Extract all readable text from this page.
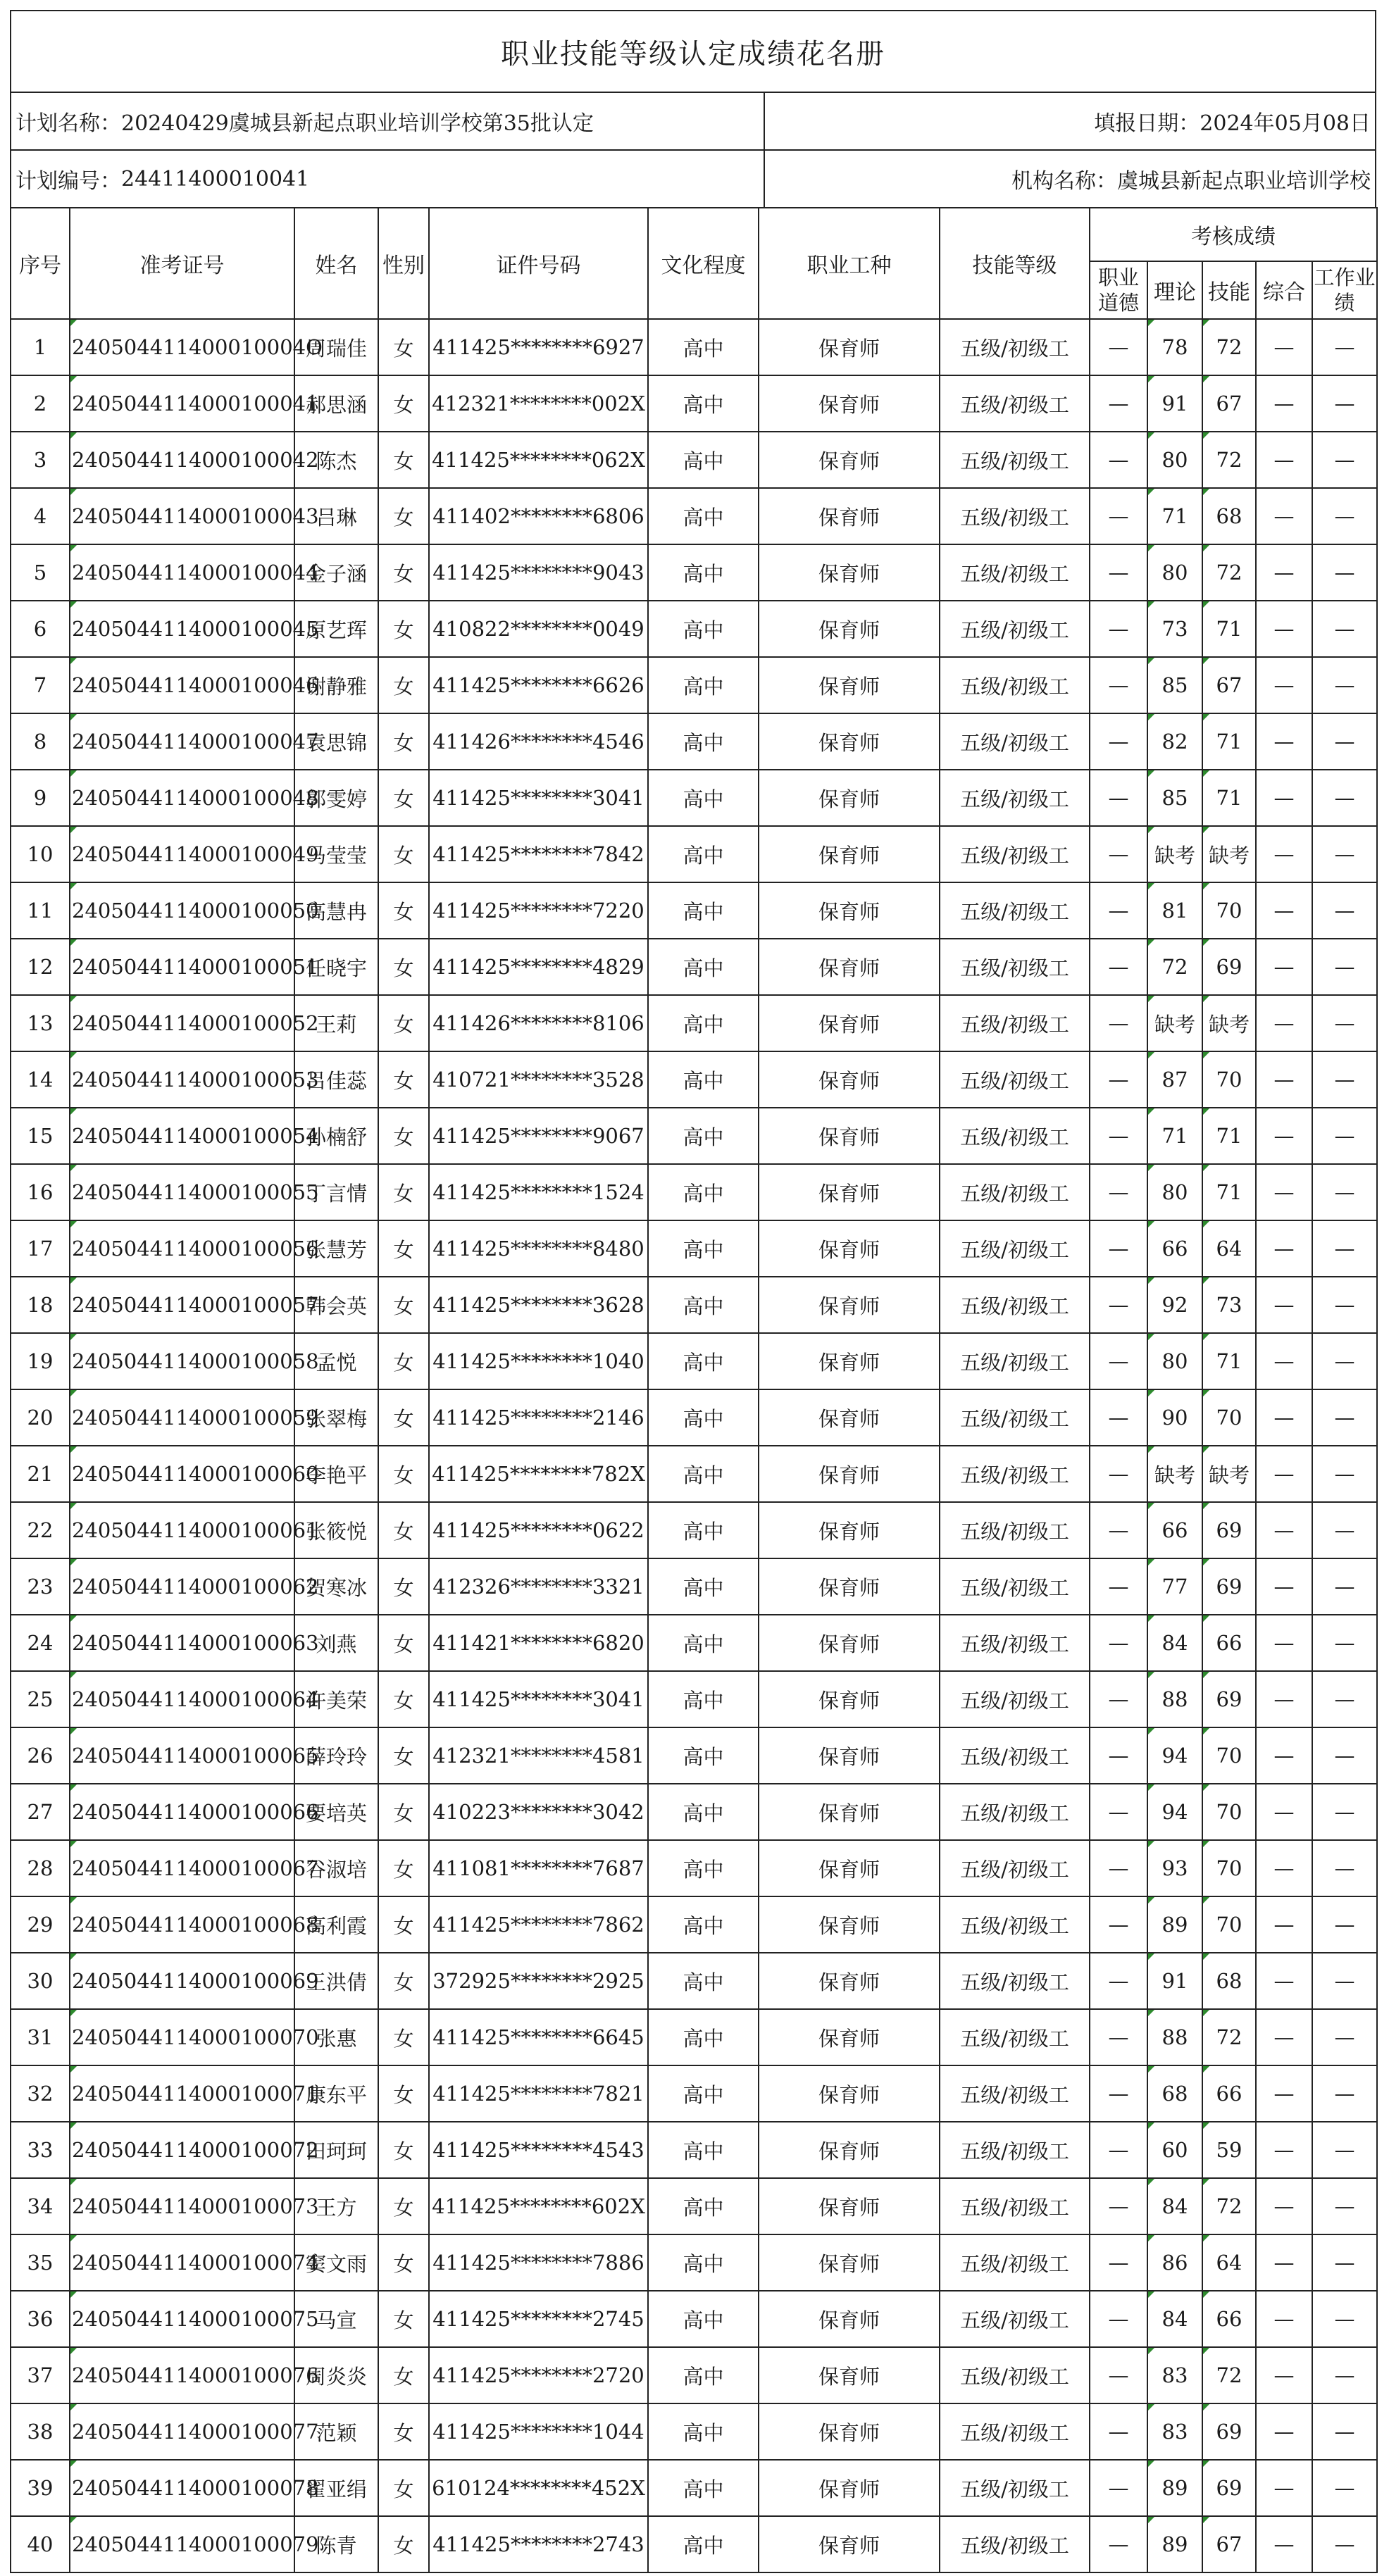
职业技能等级认定成绩花名册
计划名称： 20240429虞城县新起点职业培训学校第35批认定	填报日期： 2024年05月08日
计划编号： 24411400010041	机构名称： 虞城县新起点职业培训学校
序号	准考证号	姓名	性别	证件号码	文化程度	职业工种	技能等级	考核成绩				
								职业道德	理论	技能	综合	工作业绩
1	240504411400010004O	周瑞佳	女	411425********6927	高中	保育师	五级/初级工	—	78	72	—	—
2	2405044114000100041	郝思涵	女	412321********002X	高中	保育师	五级/初级工	—	91	67	—	—
3	2405044114000100042	陈杰	女	411425********062X	高中	保育师	五级/初级工	—	80	72	—	—
4	2405044114000100043	吕琳	女	411402********6806	高中	保育师	五级/初级工	—	71	68	—	—
5	2405044114000100044	金子涵	女	411425********9043	高中	保育师	五级/初级工	—	80	72	—	—
6	2405044114000100045	原艺珲	女	410822********0049	高中	保育师	五级/初级工	—	73	71	—	—
7	2405044114000100046	谢静雅	女	411425********6626	高中	保育师	五级/初级工	—	85	67	—	—
8	2405044114000100047	袁思锦	女	411426********4546	高中	保育师	五级/初级工	—	82	71	—	—
9	2405044114000100048	郭雯婷	女	411425********3041	高中	保育师	五级/初级工	—	85	71	—	—
10	2405044114000100049	马莹莹	女	411425********7842	高中	保育师	五级/初级工	—	缺考	缺考	—	—
11	2405044114000100050	高慧冉	女	411425********7220	高中	保育师	五级/初级工	—	81	70	—	—
12	2405044114000100051	任晓宇	女	411425********4829	高中	保育师	五级/初级工	—	72	69	—	—
13	2405044114000100052	王莉	女	411426********8106	高中	保育师	五级/初级工	—	缺考	缺考	—	—
14	2405044114000100053	吕佳蕊	女	410721********3528	高中	保育师	五级/初级工	—	87	70	—	—
15	2405044114000100054	孙楠舒	女	411425********9067	高中	保育师	五级/初级工	—	71	71	—	—
16	2405044114000100055	丁言情	女	411425********1524	高中	保育师	五级/初级工	—	80	71	—	—
17	2405044114000100056	张慧芳	女	411425********8480	高中	保育师	五级/初级工	—	66	64	—	—
18	2405044114000100057	韩会英	女	411425********3628	高中	保育师	五级/初级工	—	92	73	—	—
19	2405044114000100058	孟悦	女	411425********1040	高中	保育师	五级/初级工	—	80	71	—	—
20	2405044114000100059	张翠梅	女	411425********2146	高中	保育师	五级/初级工	—	90	70	—	—
21	2405044114000100060	李艳平	女	411425********782X	高中	保育师	五级/初级工	—	缺考	缺考	—	—
22	2405044114000100061	张筱悦	女	411425********0622	高中	保育师	五级/初级工	—	66	69	—	—
23	2405044114000100062	贺寒冰	女	412326********3321	高中	保育师	五级/初级工	—	77	69	—	—
24	2405044114000100063	刘燕	女	411421********6820	高中	保育师	五级/初级工	—	84	66	—	—
25	2405044114000100064	许美荣	女	411425********3041	高中	保育师	五级/初级工	—	88	69	—	—
26	2405044114000100065	薛玲玲	女	412321********4581	高中	保育师	五级/初级工	—	94	70	—	—
27	2405044114000100066	要培英	女	410223********3042	高中	保育师	五级/初级工	—	94	70	—	—
28	2405044114000100067	谷淑培	女	411081********7687	高中	保育师	五级/初级工	—	93	70	—	—
29	2405044114000100068	高利霞	女	411425********7862	高中	保育师	五级/初级工	—	89	70	—	—
30	2405044114000100069	王洪倩	女	372925********2925	高中	保育师	五级/初级工	—	91	68	—	—
31	2405044114000100070	张惠	女	411425********6645	高中	保育师	五级/初级工	—	88	72	—	—
32	2405044114000100071	康东平	女	411425********7821	高中	保育师	五级/初级工	—	68	66	—	—
33	2405044114000100072	田珂珂	女	411425********4543	高中	保育师	五级/初级工	—	60	59	—	—
34	2405044114000100073	王方	女	411425********602X	高中	保育师	五级/初级工	—	84	72	—	—
35	2405044114000100074	窦文雨	女	411425********7886	高中	保育师	五级/初级工	—	86	64	—	—
36	2405044114000100075	马宣	女	411425********2745	高中	保育师	五级/初级工	—	84	66	—	—
37	2405044114000100076	周炎炎	女	411425********2720	高中	保育师	五级/初级工	—	83	72	—	—
38	2405044114000100077	范颖	女	411425********1044	高中	保育师	五级/初级工	—	83	69	—	—
39	2405044114000100078	翟亚绢	女	610124********452X	高中	保育师	五级/初级工	—	89	69	—	—
40	2405044114000100079	陈青	女	411425********2743	高中	保育师	五级/初级工	—	89	67	—	—
